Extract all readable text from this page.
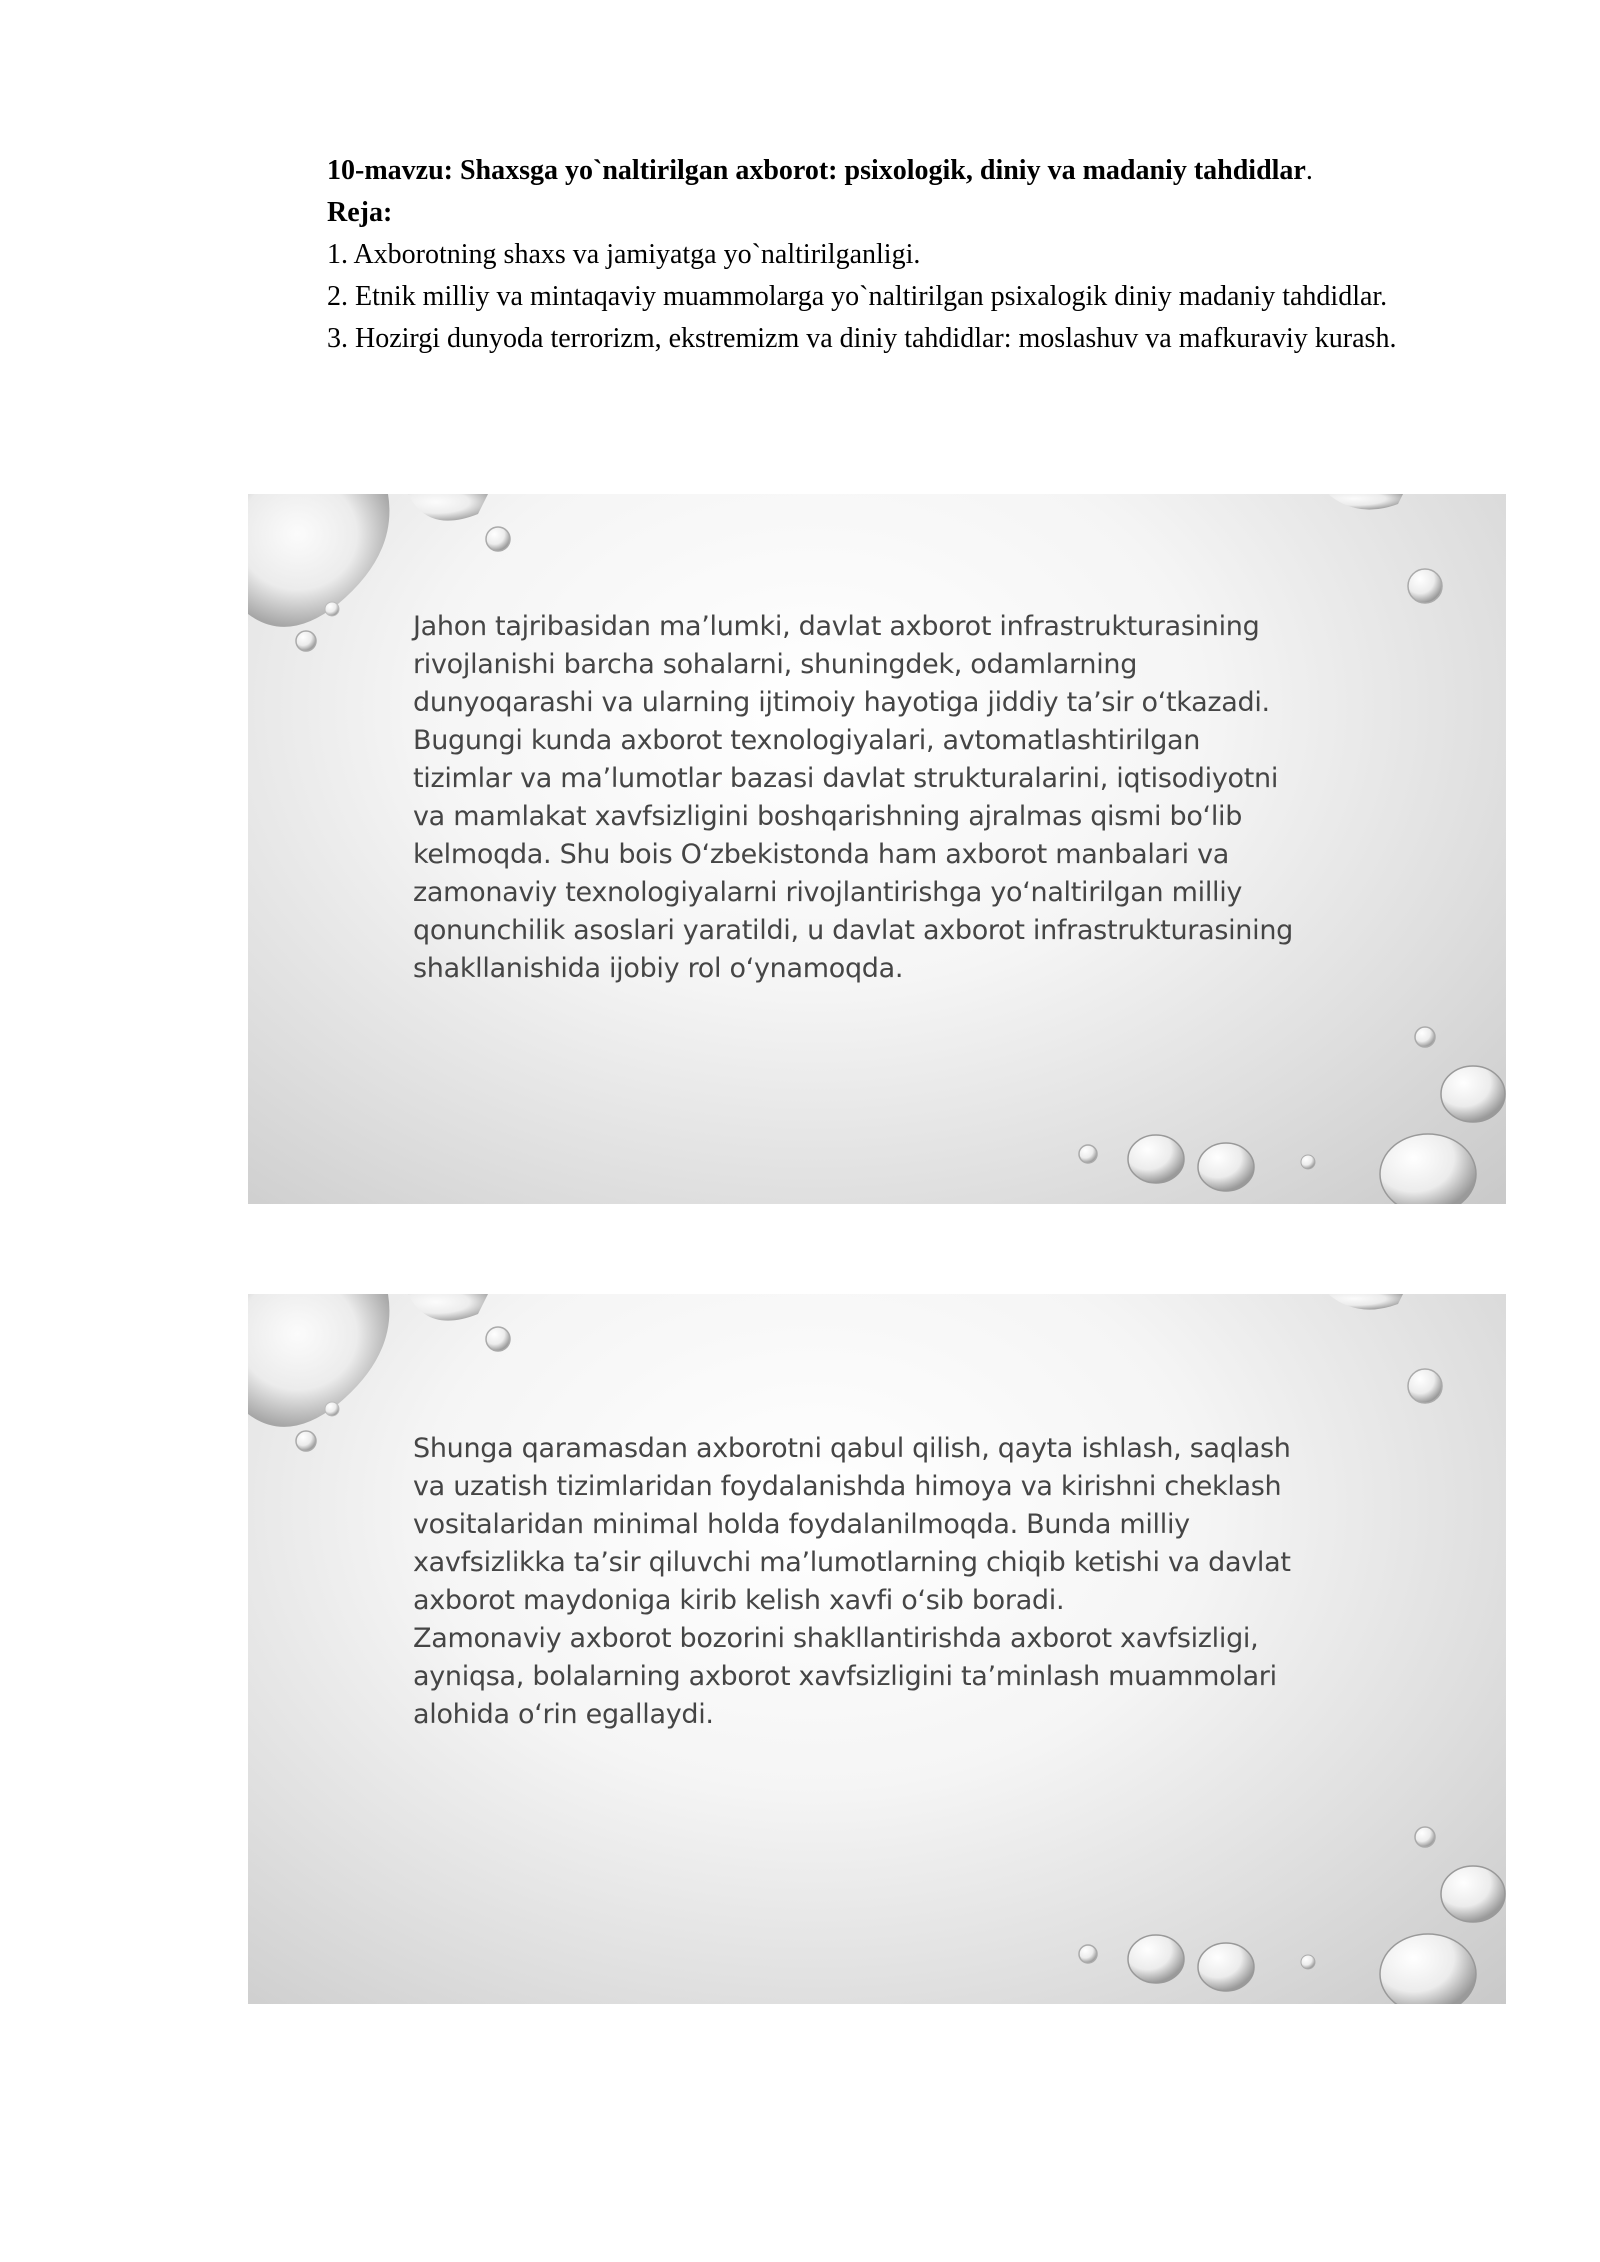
10-mavzu: Shaxsga yo`naltirilgan axborot: psixologik, diniy va madaniy tahdidlar.

Reja:

1. Axborotning shaxs va jamiyatga yo`naltirilganligi.

2. Etnik milliy va mintaqaviy muammolarga yo`naltirilgan psixalogik diniy madaniy tahdidlar.

3. Hozirgi dunyoda terrorizm, ekstremizm va diniy tahdidlar: moslashuv va mafkuraviy kurash.

Jahon tajribasidan ma’lumki, davlat axborot infrastrukturasining

rivojlanishi barcha sohalarni, shuningdek, odamlarning

dunyoqarashi va ularning ijtimoiy hayotiga jiddiy ta’sir o‘tkazadi.

Bugungi kunda axborot texnologiyalari, avtomatlashtirilgan

tizimlar va ma’lumotlar bazasi davlat strukturalarini, iqtisodiyotni

va mamlakat xavfsizligini boshqarishning ajralmas qismi bo‘lib

kelmoqda. Shu bois O‘zbekistonda ham axborot manbalari va

zamonaviy texnologiyalarni rivojlantirishga yo‘naltirilgan milliy

qonunchilik asoslari yaratildi, u davlat axborot infrastrukturasining

shakllanishida ijobiy rol o‘ynamoqda.

Shunga qaramasdan axborotni qabul qilish, qayta ishlash, saqlash

va uzatish tizimlaridan foydalanishda himoya va kirishni cheklash

vositalaridan minimal holda foydalanilmoqda. Bunda milliy

xavfsizlikka ta’sir qiluvchi ma’lumotlarning chiqib ketishi va davlat

axborot maydoniga kirib kelish xavfi o‘sib boradi.

Zamonaviy axborot bozorini shakllantirishda axborot xavfsizligi,

ayniqsa, bolalarning axborot xavfsizligini ta’minlash muammolari

alohida o‘rin egallaydi.
